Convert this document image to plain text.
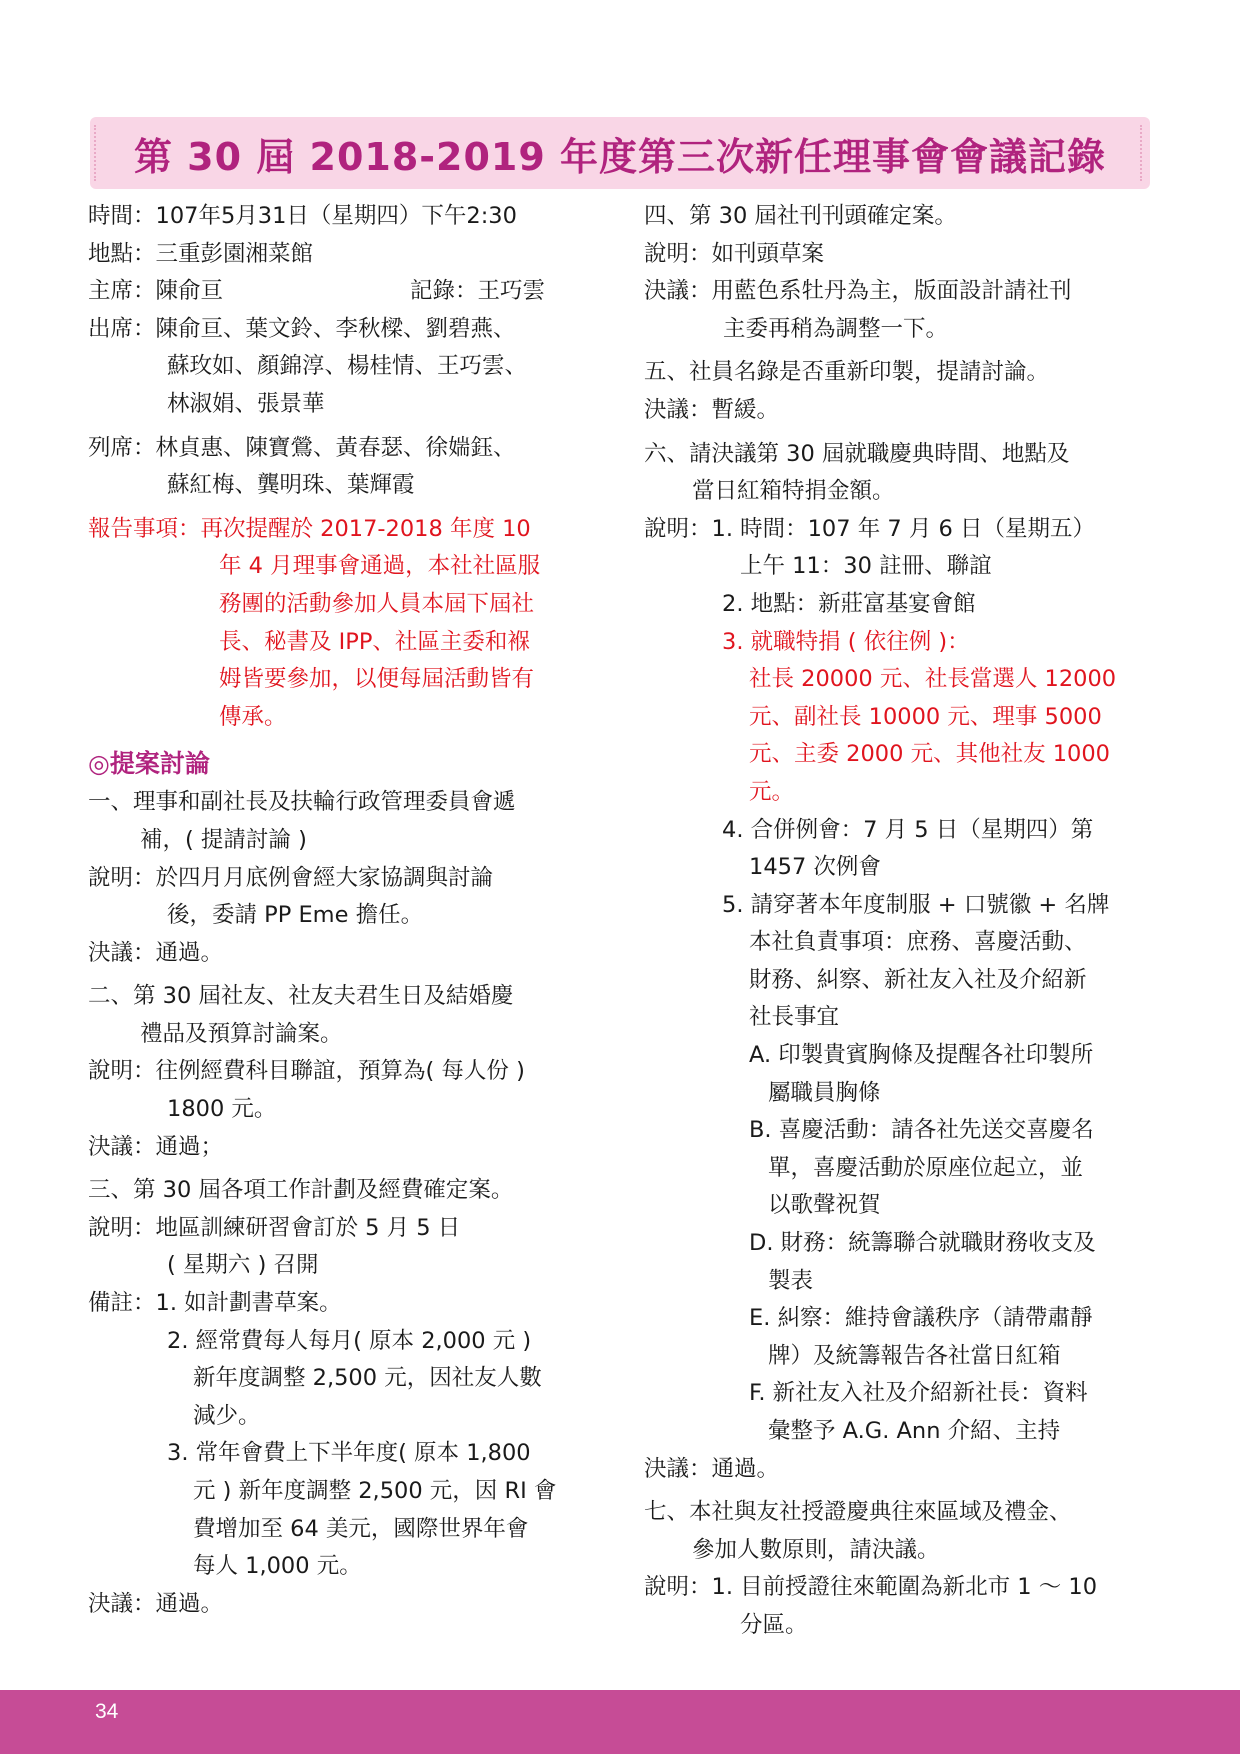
第 30 屆 2018-2019 年度第三次新任理事會會議記錄
時間：107年5月31日（星期四）下午2:30
地點：三重彭園湘菜館
主席：陳俞亘	記錄：王巧雲
出席：陳俞亘、葉文鈴、李秋樑、劉碧燕、
蘇玫如、顏錦淳、楊桂情、王巧雲、
林淑娟、張景華
列席：林貞惠、陳寶鶯、黃春瑟、徐媏鈺、
蘇紅梅、龔明珠、葉輝霞
報告事項：再次提醒於 2017-2018 年度 10
年 4 月理事會通過，本社社區服
務團的活動參加人員本屆下屆社
長、秘書及 IPP、社區主委和褓
姆皆要參加，以便每屆活動皆有
傳承。
◎提案討論
一、理事和副社長及扶輪行政管理委員會遞
補，( 提請討論 )
說明：於四月月底例會經大家協調與討論
後，委請 PP Eme 擔任。
決議：通過。
二、第 30 屆社友、社友夫君生日及結婚慶
禮品及預算討論案。
說明：往例經費科目聯誼，預算為( 每人份 )
1800 元。
決議：通過；
三、第 30 屆各項工作計劃及經費確定案。
說明：地區訓練研習會訂於 5 月 5 日
( 星期六 ) 召開
備註：1. 如計劃書草案。
2. 經常費每人每月( 原本 2,000 元 )
新年度調整 2,500 元，因社友人數
減少。
3. 常年會費上下半年度( 原本 1,800
元 ) 新年度調整 2,500 元，因 RI 會
費增加至 64 美元，國際世界年會
每人 1,000 元。
決議：通過。
四、第 30 屆社刊刊頭確定案。
說明：如刊頭草案
決議：用藍色系牡丹為主，版面設計請社刊
主委再稍為調整一下。
五、社員名錄是否重新印製，提請討論。
決議：暫緩。
六、請決議第 30 屆就職慶典時間、地點及
當日紅箱特捐金額。
說明：1. 時間：107 年 7 月 6 日（星期五）
上午 11：30 註冊、聯誼
2. 地點：新莊富基宴會館
3. 就職特捐 ( 依往例 )：
社長 20000 元、社長當選人 12000
元、副社長 10000 元、理事 5000
元、主委 2000 元、其他社友 1000
元。
4. 合併例會：7 月 5 日（星期四）第
1457 次例會
5. 請穿著本年度制服 + 口號徽 + 名牌
本社負責事項：庶務、喜慶活動、
財務、糾察、新社友入社及介紹新
社長事宜
A. 印製貴賓胸條及提醒各社印製所
屬職員胸條
B. 喜慶活動：請各社先送交喜慶名
單，喜慶活動於原座位起立，並
以歌聲祝賀
D. 財務：統籌聯合就職財務收支及
製表
E. 糾察：維持會議秩序（請帶肅靜
牌）及統籌報告各社當日紅箱
F. 新社友入社及介紹新社長：資料
彙整予 A.G. Ann 介紹、主持
決議：通過。
七、本社與友社授證慶典往來區域及禮金、
參加人數原則，請決議。
說明：1. 目前授證往來範圍為新北市 1 ～ 10
分區。
34
